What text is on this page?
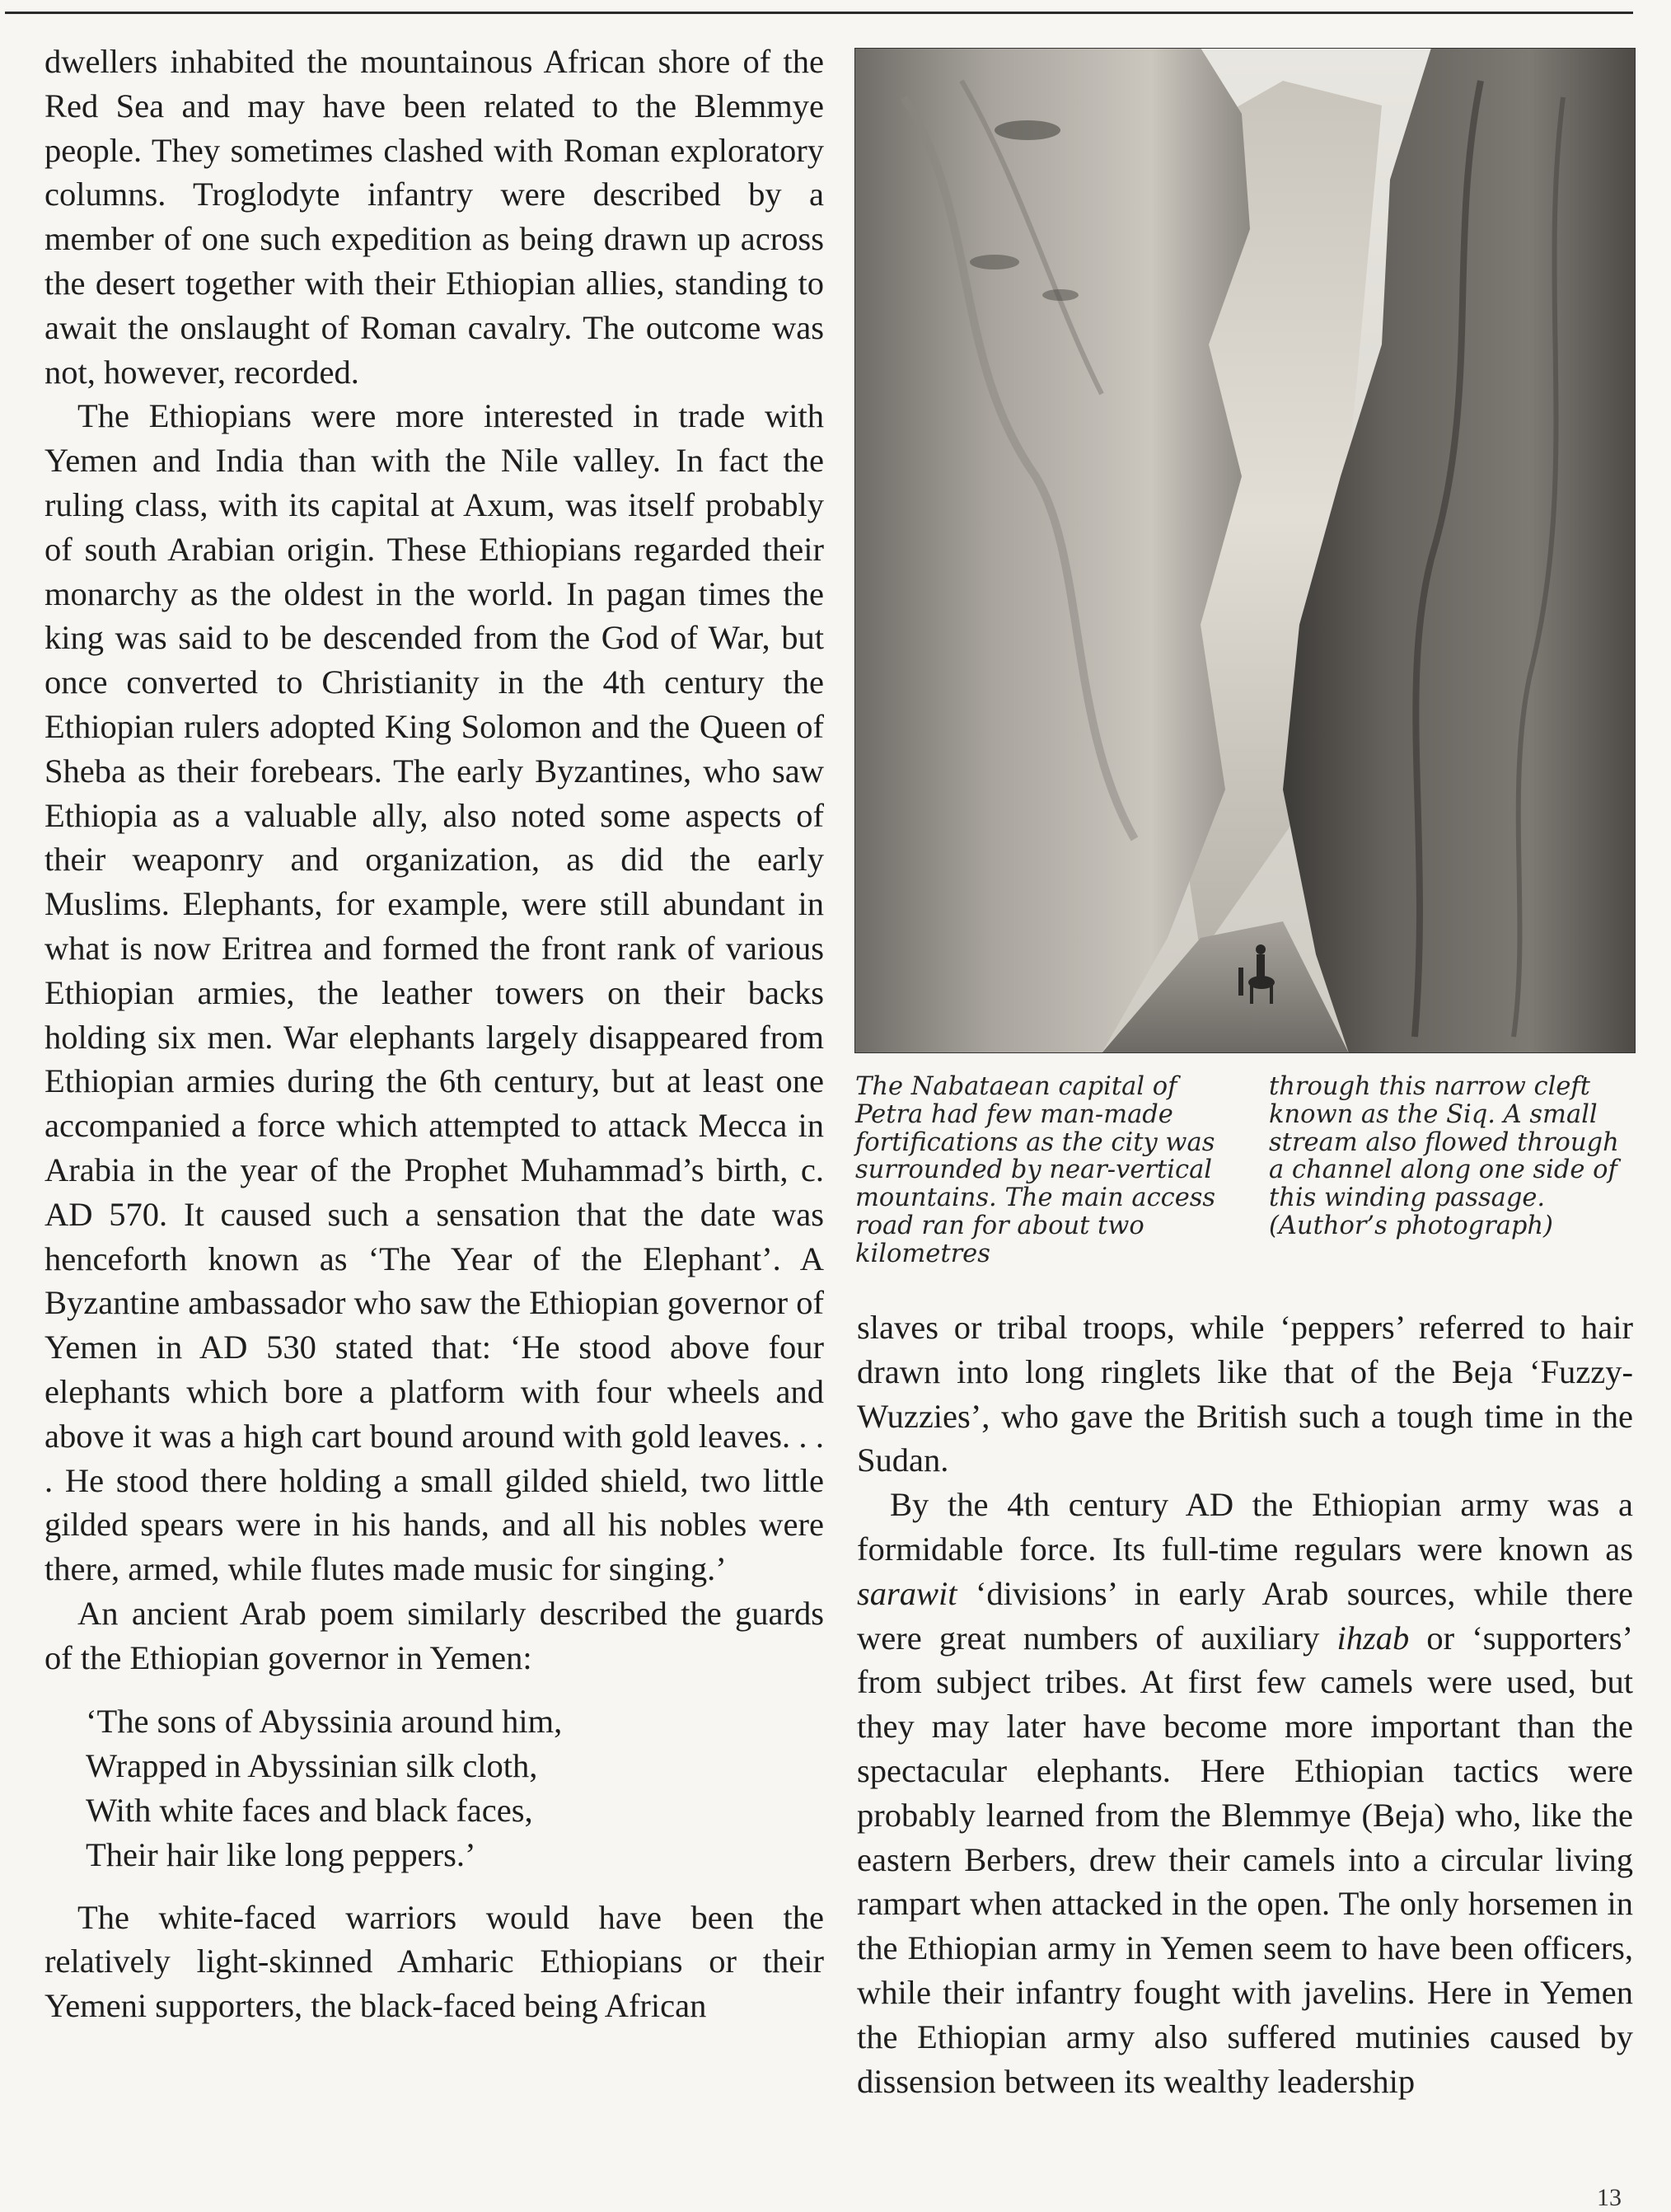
dwellers inhabited the mountainous African shore of the Red Sea and may have been related to the Blemmye people. They sometimes clashed with Roman exploratory columns. Troglodyte infantry were described by a member of one such expedition as being drawn up across the desert together with their Ethiopian allies, standing to await the onslaught of Roman cavalry. The outcome was not, however, recorded.

The Ethiopians were more interested in trade with Yemen and India than with the Nile valley. In fact the ruling class, with its capital at Axum, was itself probably of south Arabian origin. These Ethiopians regarded their monarchy as the oldest in the world. In pagan times the king was said to be descended from the God of War, but once converted to Christianity in the 4th century the Ethiopian rulers adopted King Solomon and the Queen of Sheba as their forebears. The early Byzantines, who saw Ethiopia as a valuable ally, also noted some aspects of their weaponry and organization, as did the early Muslims. Elephants, for example, were still abundant in what is now Eritrea and formed the front rank of various Ethiopian armies, the leather towers on their backs holding six men. War elephants largely disappeared from Ethiopian armies during the 6th century, but at least one accompanied a force which attempted to attack Mecca in Arabia in the year of the Prophet Muhammad’s birth, c. AD 570. It caused such a sensation that the date was henceforth known as ‘The Year of the Elephant’. A Byzantine ambassador who saw the Ethiopian governor of Yemen in AD 530 stated that: ‘He stood above four elephants which bore a platform with four wheels and above it was a high cart bound around with gold leaves. . . . He stood there holding a small gilded shield, two little gilded spears were in his hands, and all his nobles were there, armed, while flutes made music for singing.’

An ancient Arab poem similarly described the guards of the Ethiopian governor in Yemen:

‘The sons of Abyssinia around him,
Wrapped in Abyssinian silk cloth,
With white faces and black faces,
Their hair like long peppers.’

The white-faced warriors would have been the relatively light-skinned Amharic Ethiopians or their Yemeni supporters, the black-faced being African

The Nabataean capital of Petra had few man-made fortifications as the city was surrounded by near-vertical mountains. The main access road ran for about two kilometres
through this narrow cleft known as the Siq. A small stream also flowed through a channel along one side of this winding passage. (Author’s photograph)

slaves or tribal troops, while ‘peppers’ referred to hair drawn into long ringlets like that of the Beja ‘Fuzzy-Wuzzies’, who gave the British such a tough time in the Sudan.

By the 4th century AD the Ethiopian army was a formidable force. Its full-time regulars were known as sarawit ‘divisions’ in early Arab sources, while there were great numbers of auxiliary ihzab or ‘supporters’ from subject tribes. At first few camels were used, but they may later have become more important than the spectacular elephants. Here Ethiopian tactics were probably learned from the Blemmye (Beja) who, like the eastern Berbers, drew their camels into a circular living rampart when attacked in the open. The only horsemen in the Ethiopian army in Yemen seem to have been officers, while their infantry fought with javelins. Here in Yemen the Ethiopian army also suffered mutinies caused by dissension between its wealthy leadership

13
